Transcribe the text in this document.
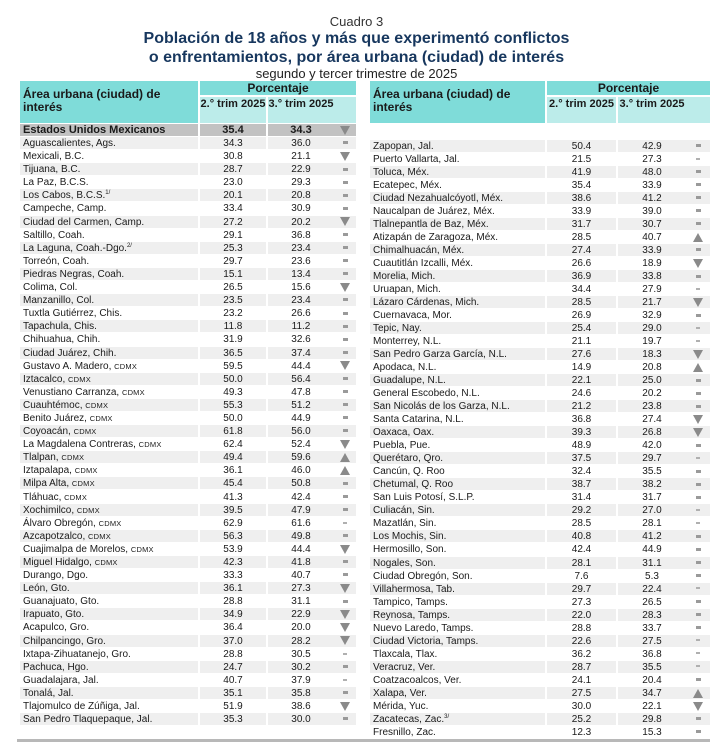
Cuadro 3
Población de 18 años y más que experimentó conflictos
o enfrentamientos, por área urbana (ciudad) de interés
segundo y tercer trimestre de 2025
Área urbana (ciudad) de interés
Porcentaje
2.° trim 2025 3.° trim 2025
Estados Unidos Mexicanos	35.4	34.3
Aguascalientes, Ags.	34.3	36.0
Mexicali, B.C.	30.8	21.1
Tijuana, B.C.	28.7	22.9
La Paz, B.C.S.	23.0	29.3
Los Cabos, B.C.S.$^{1/}$	20.1	20.8
Campeche, Camp.	33.4	30.9
Ciudad del Carmen, Camp.	27.2	20.2
Saltillo, Coah.	29.1	36.8
La Laguna, Coah.-Dgo.$^{2/}$	25.3	23.4
Torreón, Coah.	29.7	23.6
Piedras Negras, Coah.	15.1	13.4
Colima, Col.	26.5	15.6
Manzanillo, Col.	23.5	23.4
Tuxtla Gutiérrez, Chis.	23.2	26.6
Tapachula, Chis.	11.8	11.2
Chihuahua, Chih.	31.9	32.6
Ciudad Juárez, Chih.	36.5	37.4
Gustavo A. Madero, CDMX	59.5	44.4
Iztacalco, CDMX	50.0	56.4
Venustiano Carranza, CDMX	49.3	47.8
Cuauhtémoc, CDMX	55.3	51.2
Benito Juárez, CDMX	50.0	44.9
Coyoacán, CDMX	61.8	56.0
La Magdalena Contreras, CDMX	62.4	52.4
Tlalpan, CDMX	49.4	59.6
Iztapalapa, CDMX	36.1	46.0
Milpa Alta, CDMX	45.4	50.8
Tláhuac, CDMX	41.3	42.4
Xochimilco, CDMX	39.5	47.9
Álvaro Obregón, CDMX	62.9	61.6
Azcapotzalco, CDMX	56.3	49.8
Cuajimalpa de Morelos, CDMX	53.9	44.4
Miguel Hidalgo, CDMX	42.3	41.8
Durango, Dgo.	33.3	40.7
León, Gto.	36.1	27.3
Guanajuato, Gto.	28.8	31.1
Irapuato, Gto.	34.9	22.9
Acapulco, Gro.	36.4	20.0
Chilpancingo, Gro.	37.0	28.2
Ixtapa-Zihuatanejo, Gro.	28.8	30.5
Pachuca, Hgo.	24.7	30.2
Guadalajara, Jal.	40.7	37.9
Tonalá, Jal.	35.1	35.8
Tlajomulco de Zúñiga, Jal.	51.9	38.6
San Pedro Tlaquepaque, Jal.	35.3	30.0
Área urbana (ciudad) de interés
Porcentaje
2.° trim 2025 3.° trim 2025
Zapopan, Jal.	50.4	42.9
Puerto Vallarta, Jal.	21.5	27.3
Toluca, Méx.	41.9	48.0
Ecatepec, Méx.	35.4	33.9
Ciudad Nezahualcóyotl, Méx.	38.6	41.2
Naucalpan de Juárez, Méx.	33.9	39.0
Tlalnepantla de Baz, Méx.	31.7	30.7
Atizapán de Zaragoza, Méx.	28.5	40.7
Chimalhuacán, Méx.	27.4	33.9
Cuautitlán Izcalli, Méx.	26.6	18.9
Morelia, Mich.	36.9	33.8
Uruapan, Mich.	34.4	27.9
Lázaro Cárdenas, Mich.	28.5	21.7
Cuernavaca, Mor.	26.9	32.9
Tepic, Nay.	25.4	29.0
Monterrey, N.L.	21.1	19.7
San Pedro Garza García, N.L.	27.6	18.3
Apodaca, N.L.	14.9	20.8
Guadalupe, N.L.	22.1	25.0
General Escobedo, N.L.	24.6	20.2
San Nicolás de los Garza, N.L.	21.2	23.8
Santa Catarina, N.L.	36.8	27.4
Oaxaca, Oax.	39.3	26.8
Puebla, Pue.	48.9	42.0
Querétaro, Qro.	37.5	29.7
Cancún, Q. Roo	32.4	35.5
Chetumal, Q. Roo	38.7	38.2
San Luis Potosí, S.L.P.	31.4	31.7
Culiacán, Sin.	29.2	27.0
Mazatlán, Sin.	28.5	28.1
Los Mochis, Sin.	40.8	41.2
Hermosillo, Son.	42.4	44.9
Nogales, Son.	28.1	31.1
Ciudad Obregón, Son.	7.6	5.3
Villahermosa, Tab.	29.7	22.4
Tampico, Tamps.	27.3	26.5
Reynosa, Tamps.	22.0	28.3
Nuevo Laredo, Tamps.	28.8	33.7
Ciudad Victoria, Tamps.	22.6	27.5
Tlaxcala, Tlax.	36.2	36.8
Veracruz, Ver.	28.7	35.5
Coatzacoalcos, Ver.	24.1	20.4
Xalapa, Ver.	27.5	34.7
Mérida, Yuc.	30.0	22.1
Zacatecas, Zac.$^{3/}$	25.2	29.8
Fresnillo, Zac.	12.3	15.3
